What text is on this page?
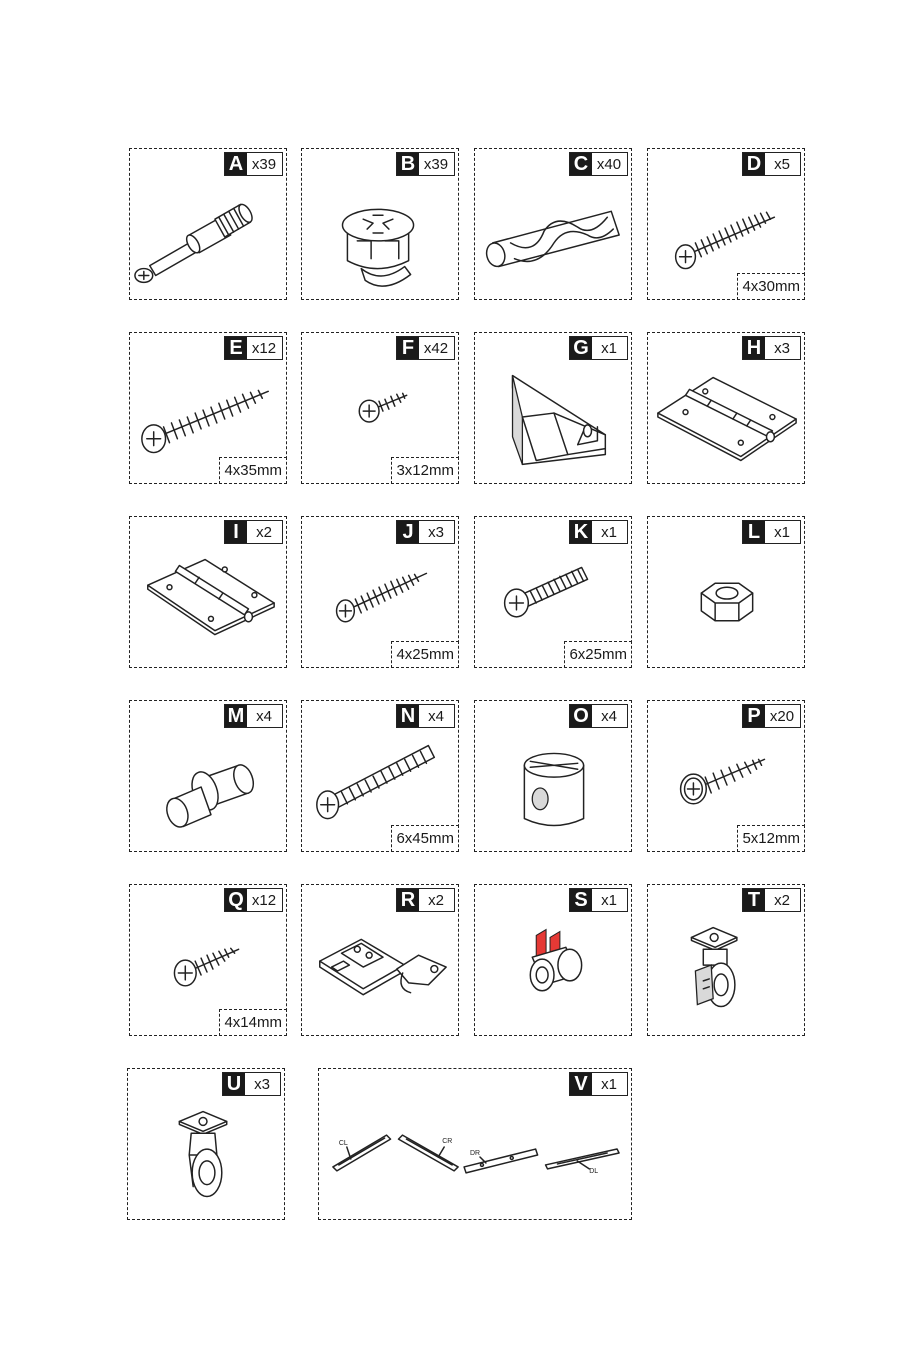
A x39	B x39	C x40	D x5
4x30mm
E x12
4x35mm
F x42
3x12mm
G x1	H x3
I	x2	J x3
4x25mm
K x1
6x25mm
L x1
M x4	N x4
6x45mm
O x4	P x20
5x12mm
Q x12
4x14mm
R x2	S x1	T x2
U x3	V x1
CL	CR
DR
DL
